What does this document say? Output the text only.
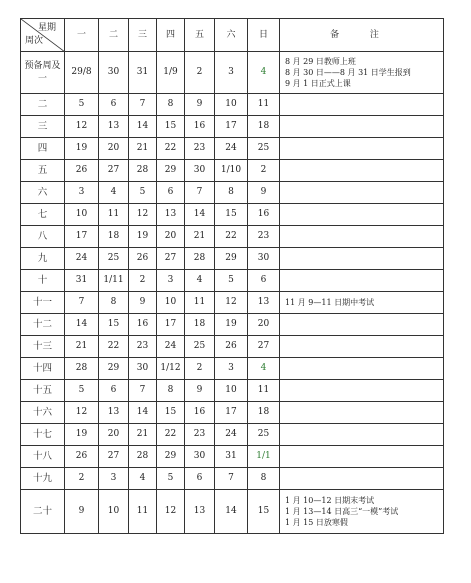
星期
周次	一	二	三	四	五	六	日	备 注
预备周及一	29/8	30	31	1/9	2	3	4	8 月 29 日教师上班
8 月 30 日——8 月 31 日学生报到
9 月 1 日正式上课

二	5	6	7	8	9	10	11	
三	12	13	14	15	16	17	18	
四	19	20	21	22	23	24	25	
五	26	27	28	29	30	1/10	2	
六	3	4	5	6	7	8	9	
七	10	11	12	13	14	15	16	
八	17	18	19	20	21	22	23	
九	24	25	26	27	28	29	30	
十	31	1/11	2	3	4	5	6	
十一	7	8	9	10	11	12	13	11 月 9—11 日期中考试

十二	14	15	16	17	18	19	20	
十三	21	22	23	24	25	26	27	
十四	28	29	30	1/12	2	3	4	
十五	5	6	7	8	9	10	11	
十六	12	13	14	15	16	17	18	
十七	19	20	21	22	23	24	25	
十八	26	27	28	29	30	31	1/1	
十九	2	3	4	5	6	7	8	
二十	9	10	11	12	13	14	15	1 月 10—12 日期末考试
1 月 13—14 日高三“一模”考试
1 月 15 日放寒假
